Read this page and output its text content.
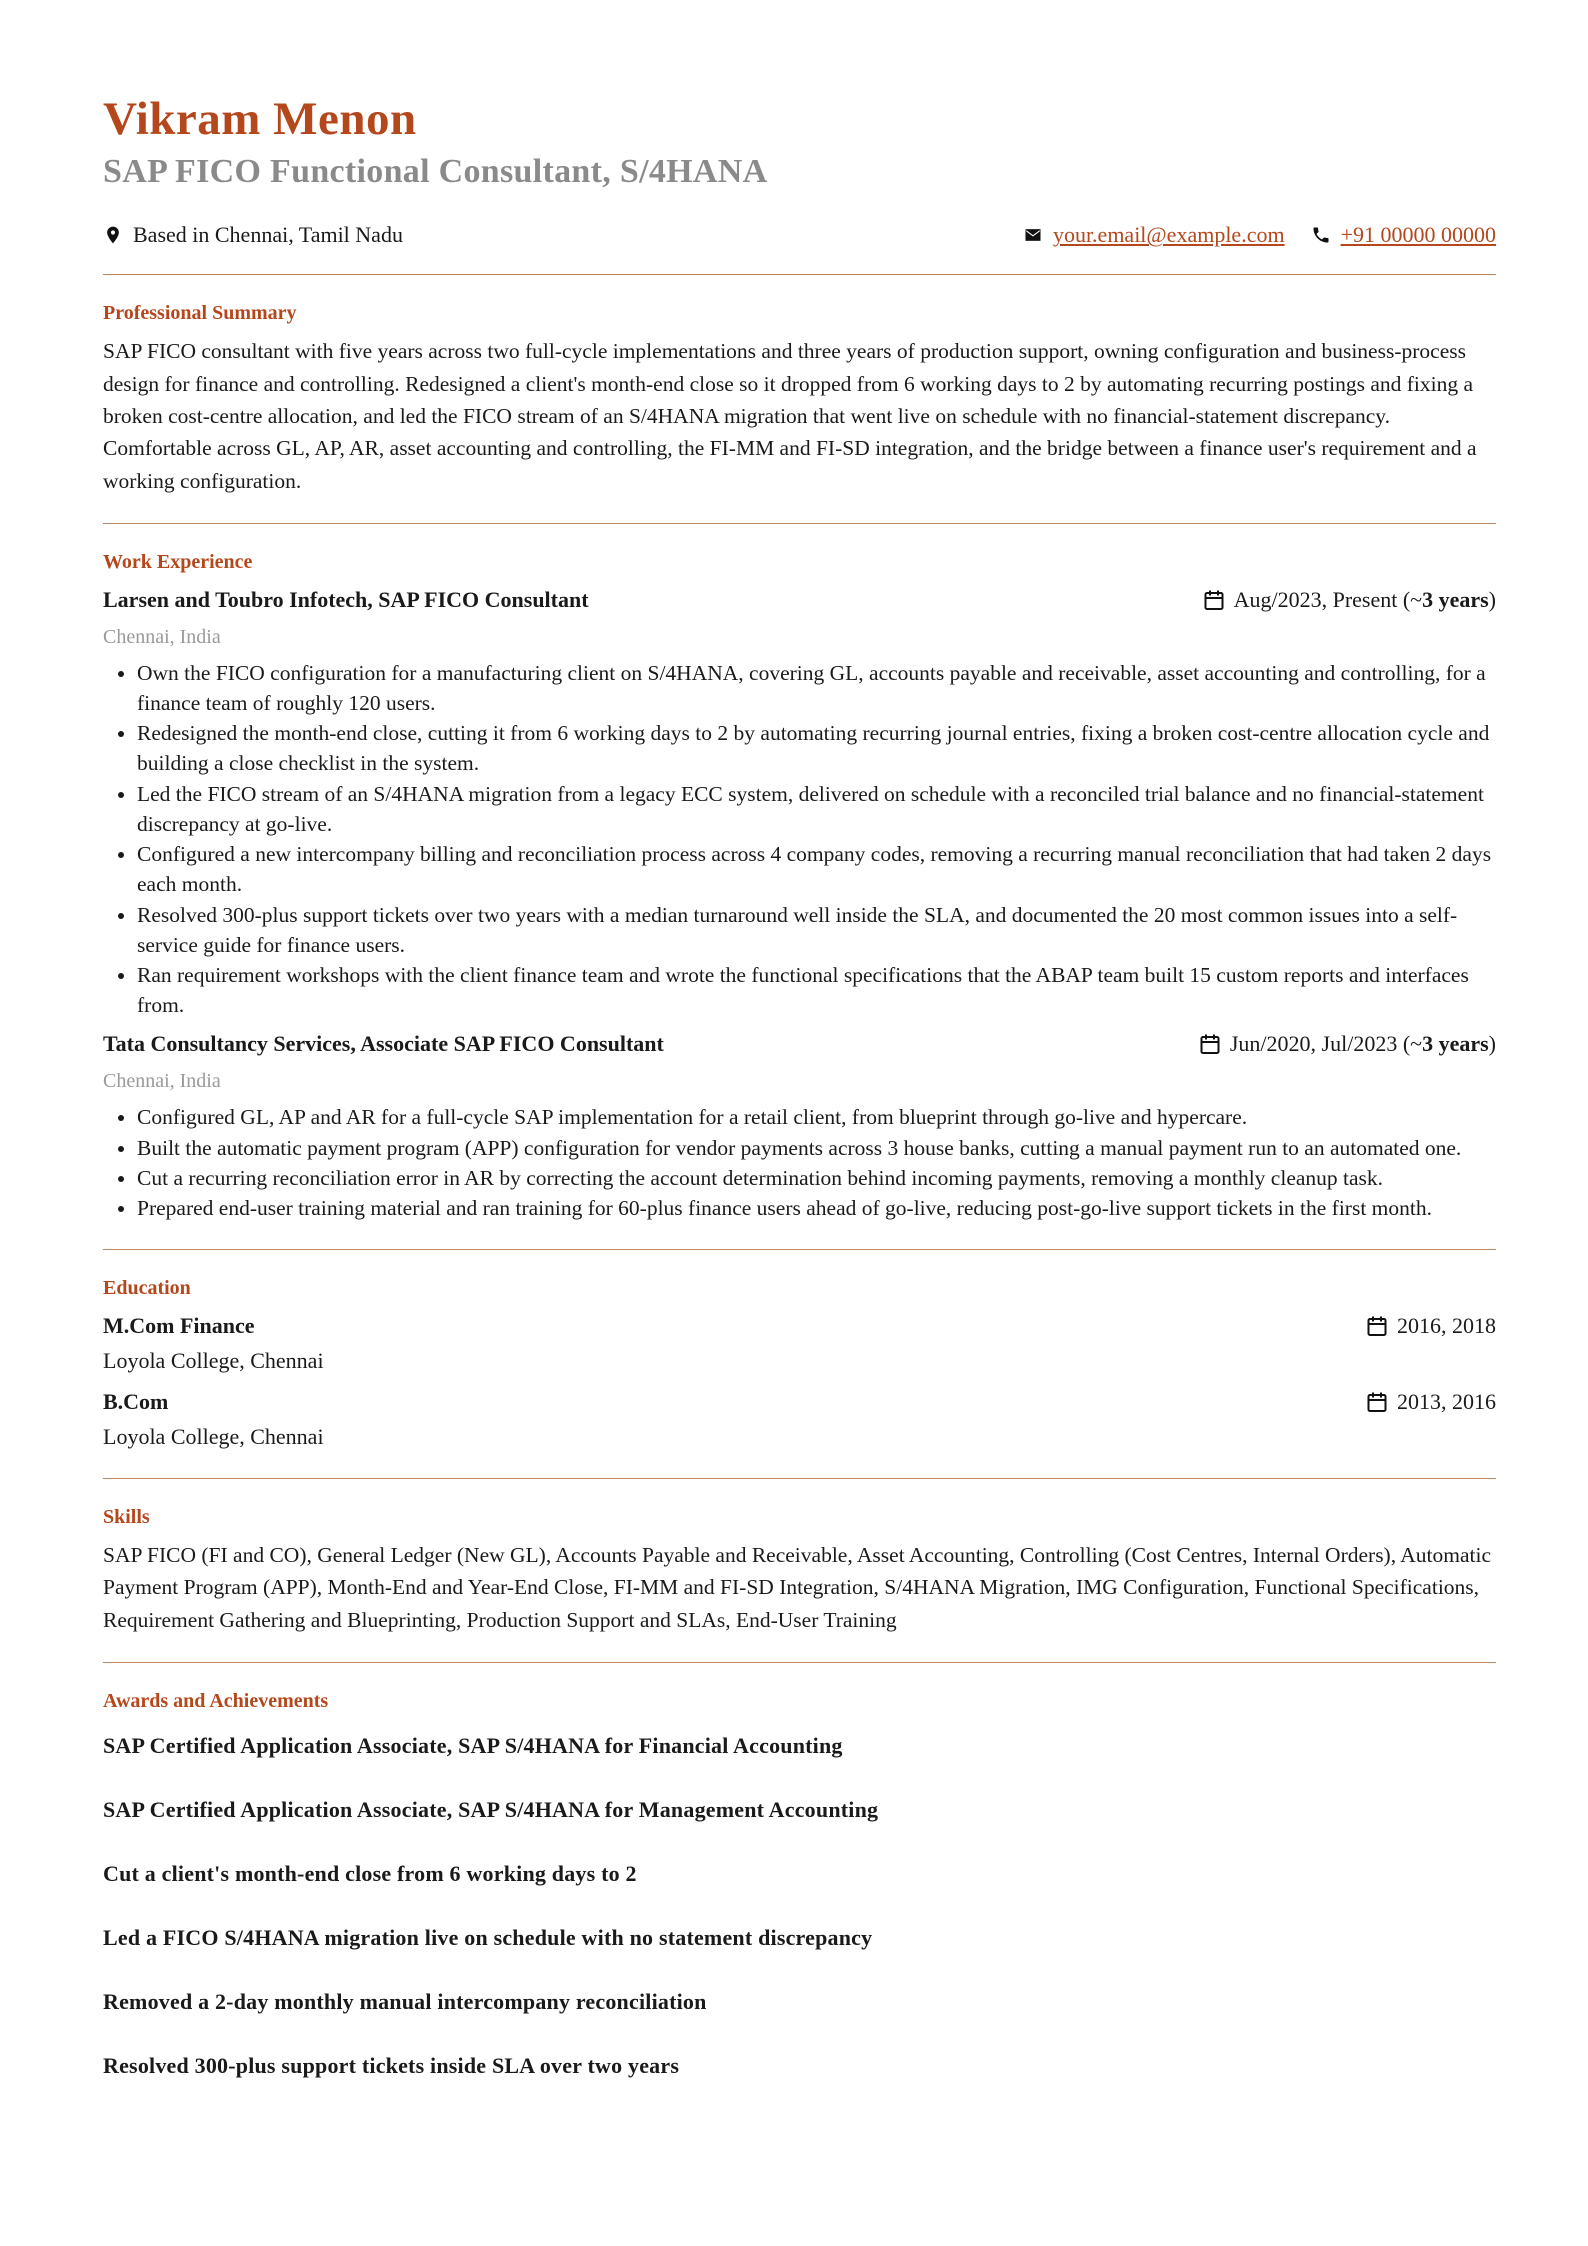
Vikram Menon
SAP FICO Functional Consultant, S/4HANA
Based in Chennai, Tamil Nadu	your.email@example.com	+91 00000 00000
Professional Summary

SAP FICO consultant with five years across two full-cycle implementations and three years of production support, owning configuration and business-process design for finance and controlling. Redesigned a client's month-end close so it dropped from 6 working days to 2 by automating recurring postings and fixing a broken cost-centre allocation, and led the FICO stream of an S/4HANA migration that went live on schedule with no financial-statement discrepancy. Comfortable across GL, AP, AR, asset accounting and controlling, the FI-MM and FI-SD integration, and the bridge between a finance user's requirement and a working configuration.

Work Experience
Larsen and Toubro Infotech, SAP FICO Consultant	Aug/2023, Present (~ 3 years )
Chennai, India
• Own the FICO configuration for a manufacturing client on S/4HANA, covering GL, accounts payable and receivable, asset accounting and controlling, for a finance team of roughly 120 users.
• Redesigned the month-end close, cutting it from 6 working days to 2 by automating recurring journal entries, fixing a broken cost-centre allocation cycle and building a close checklist in the system.
• Led the FICO stream of an S/4HANA migration from a legacy ECC system, delivered on schedule with a reconciled trial balance and no financial-statement discrepancy at go-live.
• Configured a new intercompany billing and reconciliation process across 4 company codes, removing a recurring manual reconciliation that had taken 2 days each month.
• Resolved 300-plus support tickets over two years with a median turnaround well inside the SLA, and documented the 20 most common issues into a self-service guide for finance users.
• Ran requirement workshops with the client finance team and wrote the functional specifications that the ABAP team built 15 custom reports and interfaces from.
Tata Consultancy Services, Associate SAP FICO Consultant	Jun/2020, Jul/2023 (~ 3 years )
Chennai, India
• Configured GL, AP and AR for a full-cycle SAP implementation for a retail client, from blueprint through go-live and hypercare.
• Built the automatic payment program (APP) configuration for vendor payments across 3 house banks, cutting a manual payment run to an automated one.
• Cut a recurring reconciliation error in AR by correcting the account determination behind incoming payments, removing a monthly cleanup task.
• Prepared end-user training material and ran training for 60-plus finance users ahead of go-live, reducing post-go-live support tickets in the first month.
Education
M.Com Finance	2016, 2018
Loyola College, Chennai
B.Com	2013, 2016
Loyola College, Chennai
Skills

SAP FICO (FI and CO), General Ledger (New GL), Accounts Payable and Receivable, Asset Accounting, Controlling (Cost Centres, Internal Orders), Automatic Payment Program (APP), Month-End and Year-End Close, FI-MM and FI-SD Integration, S/4HANA Migration, IMG Configuration, Functional Specifications, Requirement Gathering and Blueprinting, Production Support and SLAs, End-User Training

Awards and Achievements

SAP Certified Application Associate, SAP S/4HANA for Financial Accounting

SAP Certified Application Associate, SAP S/4HANA for Management Accounting

Cut a client's month-end close from 6 working days to 2

Led a FICO S/4HANA migration live on schedule with no statement discrepancy

Removed a 2-day monthly manual intercompany reconciliation

Resolved 300-plus support tickets inside SLA over two years
